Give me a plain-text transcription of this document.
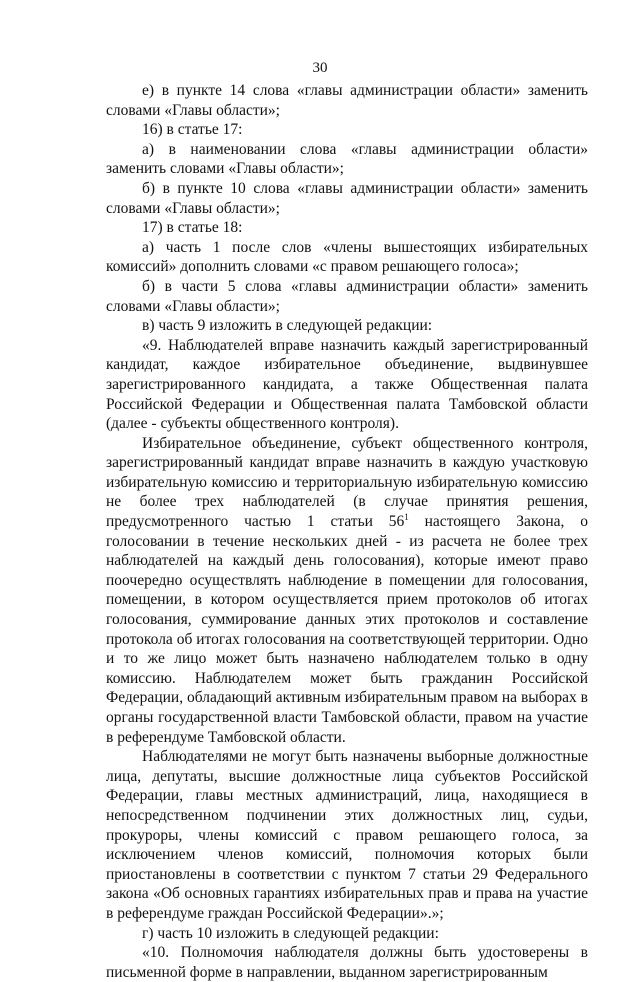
30

е) в пункте 14 слова «главы администрации области» заменить словами «Главы области»;

16) в статье 17:

а) в наименовании слова «главы администрации области» заменить словами «Главы области»;

б) в пункте 10 слова «главы администрации области» заменить словами «Главы области»;

17) в статье 18:

а) часть 1 после слов «члены вышестоящих избирательных комиссий» дополнить словами «с правом решающего голоса»;

б) в части 5 слова «главы администрации области» заменить словами «Главы области»;

в) часть 9 изложить в следующей редакции:

«9. Наблюдателей вправе назначить каждый зарегистрированный кандидат, каждое избирательное объединение, выдвинувшее зарегистрированного кандидата, а также Общественная палата Российской Федерации и Общественная палата Тамбовской области (далее - субъекты общественного контроля).

Избирательное объединение, субъект общественного контроля, зарегистрированный кандидат вправе назначить в каждую участковую избирательную комиссию и территориальную избирательную комиссию не более трех наблюдателей (в случае принятия решения, предусмотренного частью 1 статьи $56^1$ настоящего Закона, о голосовании в течение нескольких дней - из расчета не более трех наблюдателей на каждый день голосования), которые имеют право поочередно осуществлять наблюдение в помещении для голосования, помещении, в котором осуществляется прием протоколов об итогах голосования, суммирование данных этих протоколов и составление протокола об итогах голосования на соответствующей территории. Одно и то же лицо может быть назначено наблюдателем только в одну комиссию. Наблюдателем может быть гражданин Российской Федерации, обладающий активным избирательным правом на выборах в органы государственной власти Тамбовской области, правом на участие в референдуме Тамбовской области.

Наблюдателями не могут быть назначены выборные должностные лица, депутаты, высшие должностные лица субъектов Российской Федерации, главы местных администраций, лица, находящиеся в непосредственном подчинении этих должностных лиц, судьи, прокуроры, члены комиссий с правом решающего голоса, за исключением членов комиссий, полномочия которых были приостановлены в соответствии с пунктом 7 статьи 29 Федерального закона «Об основных гарантиях избирательных прав и права на участие в референдуме граждан Российской Федерации».»;

г) часть 10 изложить в следующей редакции:

«10. Полномочия наблюдателя должны быть удостоверены в письменной форме в направлении, выданном зарегистрированным
